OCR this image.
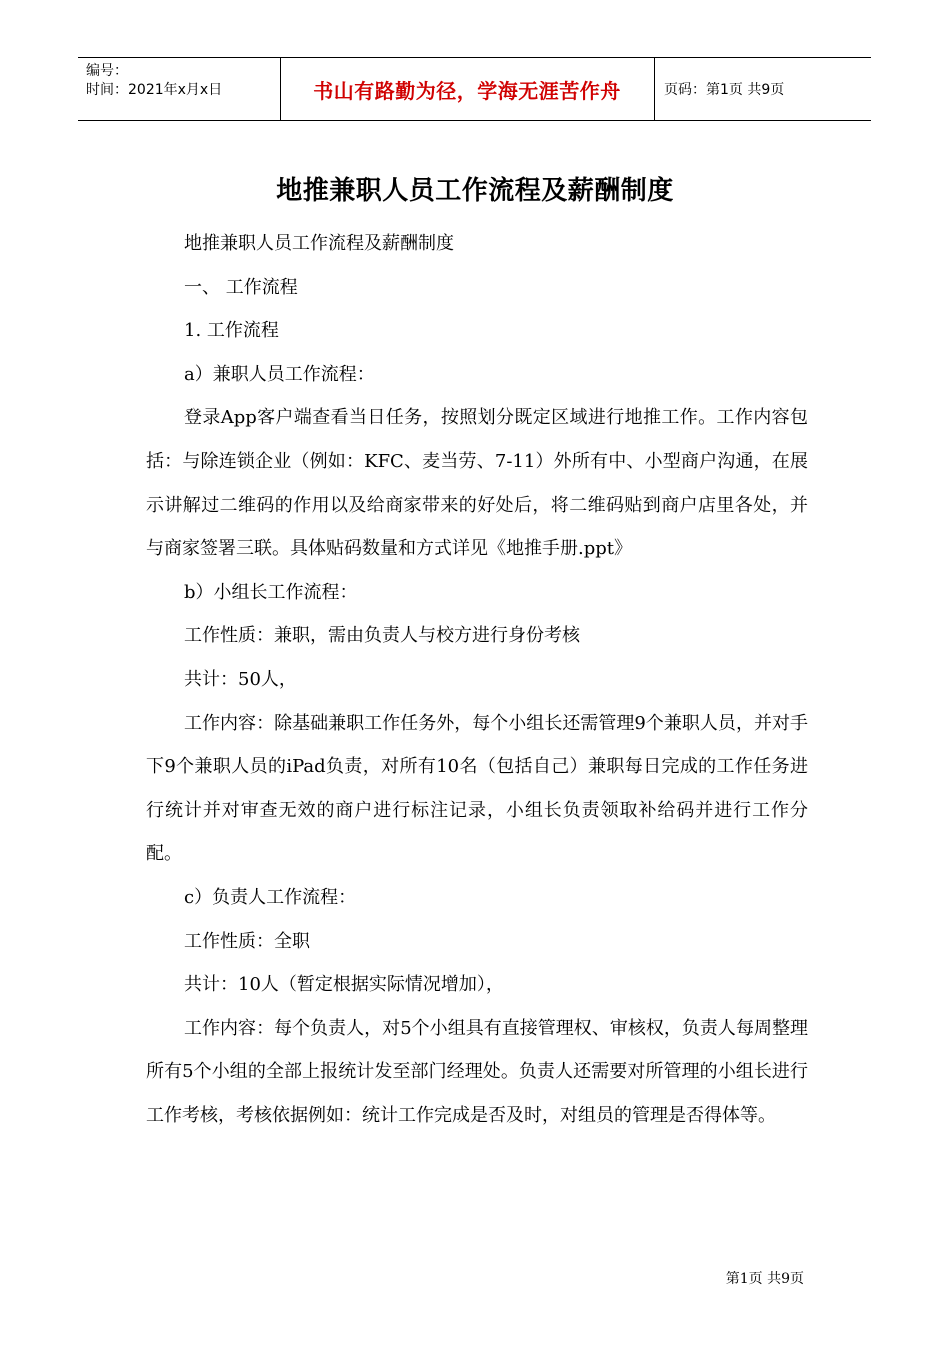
编号：
时间：2021年x月x日	书山有路勤为径，学海无涯苦作舟	页码：第1页 共9页
地推兼职人员工作流程及薪酬制度

地推兼职人员工作流程及薪酬制度

一、 工作流程

1. 工作流程

a）兼职人员工作流程：

登录App客户端查看当日任务，按照划分既定区域进行地推工作。工作内容包括：与除连锁企业（例如：KFC、麦当劳、7-11）外所有中、小型商户沟通，在展示讲解过二维码的作用以及给商家带来的好处后，将二维码贴到商户店里各处，并与商家签署三联。具体贴码数量和方式详见《地推手册.ppt》

b）小组长工作流程：

工作性质：兼职，需由负责人与校方进行身份考核

共计：50人，

工作内容：除基础兼职工作任务外，每个小组长还需管理9个兼职人员，并对手下9个兼职人员的iPad负责，对所有10名（包括自己）兼职每日完成的工作任务进行统计并对审查无效的商户进行标注记录，小组长负责领取补给码并进行工作分配。

c）负责人工作流程：

工作性质：全职

共计：10人（暂定根据实际情况增加），

工作内容：每个负责人，对5个小组具有直接管理权、审核权，负责人每周整理所有5个小组的全部上报统计发至部门经理处。负责人还需要对所管理的小组长进行工作考核，考核依据例如：统计工作完成是否及时，对组员的管理是否得体等。

第1页 共9页
